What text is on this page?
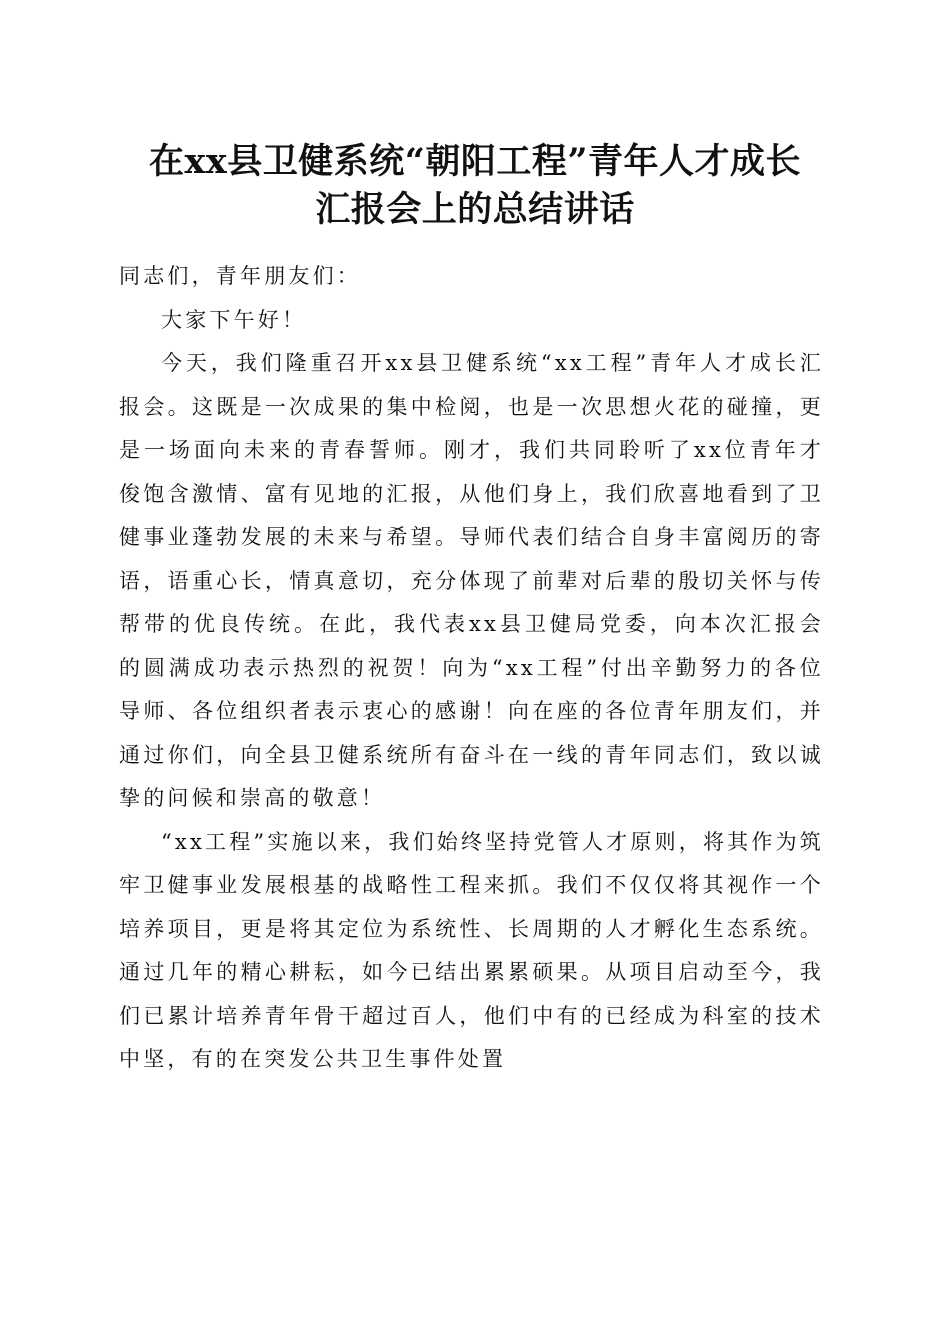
在xx县卫健系统“朝阳工程”青年人才成长
汇报会上的总结讲话

同志们，青年朋友们：

大家下午好！

今天，我们隆重召开xx县卫健系统“xx工程”青年人才成长汇报会。这既是一次成果的集中检阅，也是一次思想火花的碰撞，更是一场面向未来的青春誓师。刚才，我们共同聆听了xx位青年才俊饱含激情、富有见地的汇报，从他们身上，我们欣喜地看到了卫健事业蓬勃发展的未来与希望。导师代表们结合自身丰富阅历的寄语，语重心长，情真意切，充分体现了前辈对后辈的殷切关怀与传帮带的优良传统。在此，我代表xx县卫健局党委，向本次汇报会的圆满成功表示热烈的祝贺！向为“xx工程”付出辛勤努力的各位导师、各位组织者表示衷心的感谢！向在座的各位青年朋友们，并通过你们，向全县卫健系统所有奋斗在一线的青年同志们，致以诚挚的问候和崇高的敬意！

“xx工程”实施以来，我们始终坚持党管人才原则，将其作为筑牢卫健事业发展根基的战略性工程来抓。我们不仅仅将其视作一个培养项目，更是将其定位为系统性、长周期的人才孵化生态系统。通过几年的精心耕耘，如今已结出累累硕果。从项目启动至今，我们已累计培养青年骨干超过百人，他们中有的已经成为科室的技术中坚，有的在突发公共卫生事件处置
